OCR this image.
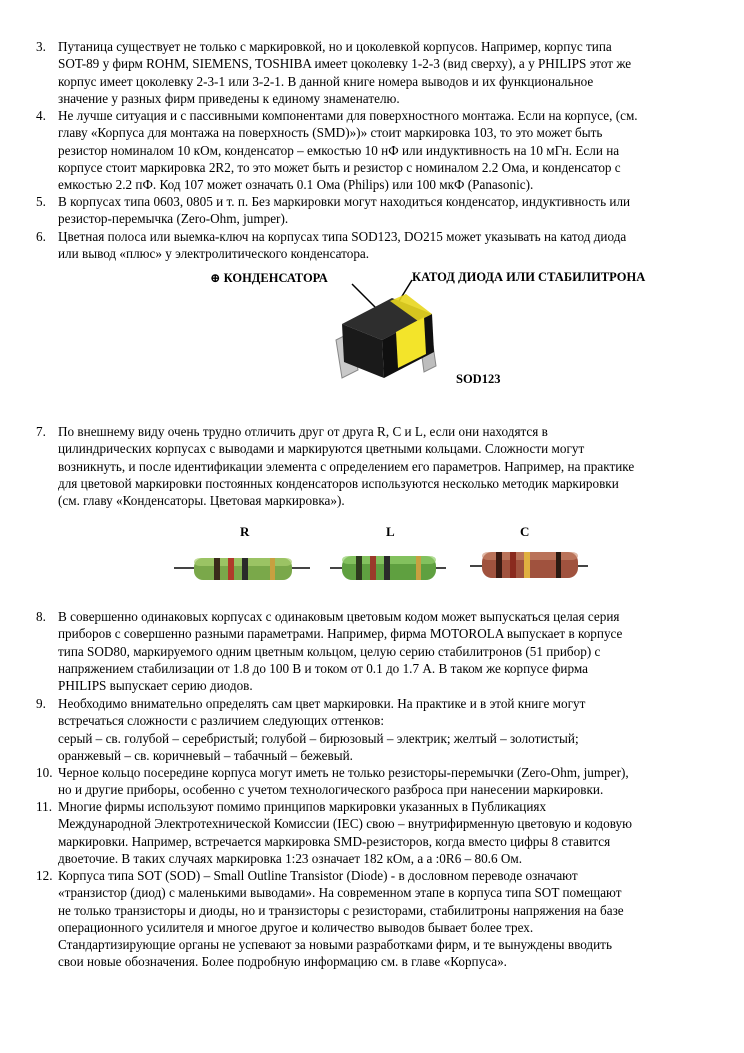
3. Путаница существует не только с маркировкой, но и цоколевкой корпусов. Например, корпус типа
SOT-89 у фирм ROHM, SIEMENS, TOSHIBA имеет цоколевку 1-2-3 (вид сверху), а у PHILIPS этот же
корпус имеет цоколевку 2-3-1 или 3-2-1. В данной книге номера выводов и их функциональное
значение у разных фирм приведены к единому знаменателю.
4. Не лучше ситуация и с пассивными компонентами для поверхностного монтажа. Если на корпусе, (см.
главу «Корпуса для монтажа на поверхность (SMD)»)» стоит маркировка 103, то это может быть
резистор номиналом 10 кОм, конденсатор – емкостью 10 нФ или индуктивность на 10 мГн. Если на
корпусе стоит маркировка 2R2, то это может быть и резистор с номиналом 2.2 Ома, и конденсатор с
емкостью 2.2 пФ. Код 107 может означать 0.1 Ома (Philips) или 100 мкФ (Panasonic).
5. В корпусах типа 0603, 0805 и т. п. Без маркировки могут находиться конденсатор, индуктивность или
резистор-перемычка (Zero-Ohm, jumper).
6. Цветная полоса или выемка-ключ на корпусах типа SOD123, DO215 может указывать на катод диода
или вывод «плюс» у электролитического конденсатора.
⊕ КОНДЕНСАТОРА	КАТОД ДИОДА ИЛИ СТАБИЛИТРОНА
SOD123
7. По внешнему виду очень трудно отличить друг от друга R, C и L, если они находятся в
цилиндрических корпусах с выводами и маркируются цветными кольцами. Сложности могут
возникнуть, и после идентификации элемента с определением его параметров. Например, на практике
для цветовой маркировки постоянных конденсаторов используются несколько методик маркировки
(см. главу «Конденсаторы. Цветовая маркировка»).
R	L	C
8. В совершенно одинаковых корпусах с одинаковым цветовым кодом может выпускаться целая серия
приборов с совершенно разными параметрами. Например, фирма MOTOROLA выпускает в корпусе
типа SOD80, маркируемого одним цветным кольцом, целую серию стабилитронов (51 прибор) с
напряжением стабилизации от 1.8 до 100 В и током от 0.1 до 1.7 А. В таком же корпусе фирма
PHILIPS выпускает серию диодов.
9. Необходимо внимательно определять сам цвет маркировки. На практике и в этой книге могут
встречаться сложности с различием следующих оттенков:
серый – св. голубой – серебристый; голубой – бирюзовый – электрик; желтый – золотистый;
оранжевый – св. коричневый – табачный – бежевый.
10. Черное кольцо посередине корпуса могут иметь не только резисторы-перемычки (Zero-Ohm, jumper),
но и другие приборы, особенно с учетом технологического разброса при нанесении маркировки.
11. Многие фирмы используют помимо принципов маркировки указанных в Публикациях
Международной Электротехнической Комиссии (IEC) свою – внутрифирменную цветовую и кодовую
маркировки. Например, встречается маркировка SMD-резисторов, когда вместо цифры 8 ставится
двоеточие. В таких случаях маркировка 1:23 означает 182 кОм, а а :0R6 – 80.6 Ом.
12. Корпуса типа SOT (SOD) – Small Outline Transistor (Diode) - в дословном переводе означают
«транзистор (диод) с маленькими выводами». На современном этапе в корпуса типа SOT помещают
не только транзисторы и диоды, но и транзисторы с резисторами, стабилитроны напряжения на базе
операционного усилителя и многое другое и количество выводов бывает более трех.
Стандартизирующие органы не успевают за новыми разработками фирм, и те вынуждены вводить
свои новые обозначения. Более подробную информацию см. в главе «Корпуса».
